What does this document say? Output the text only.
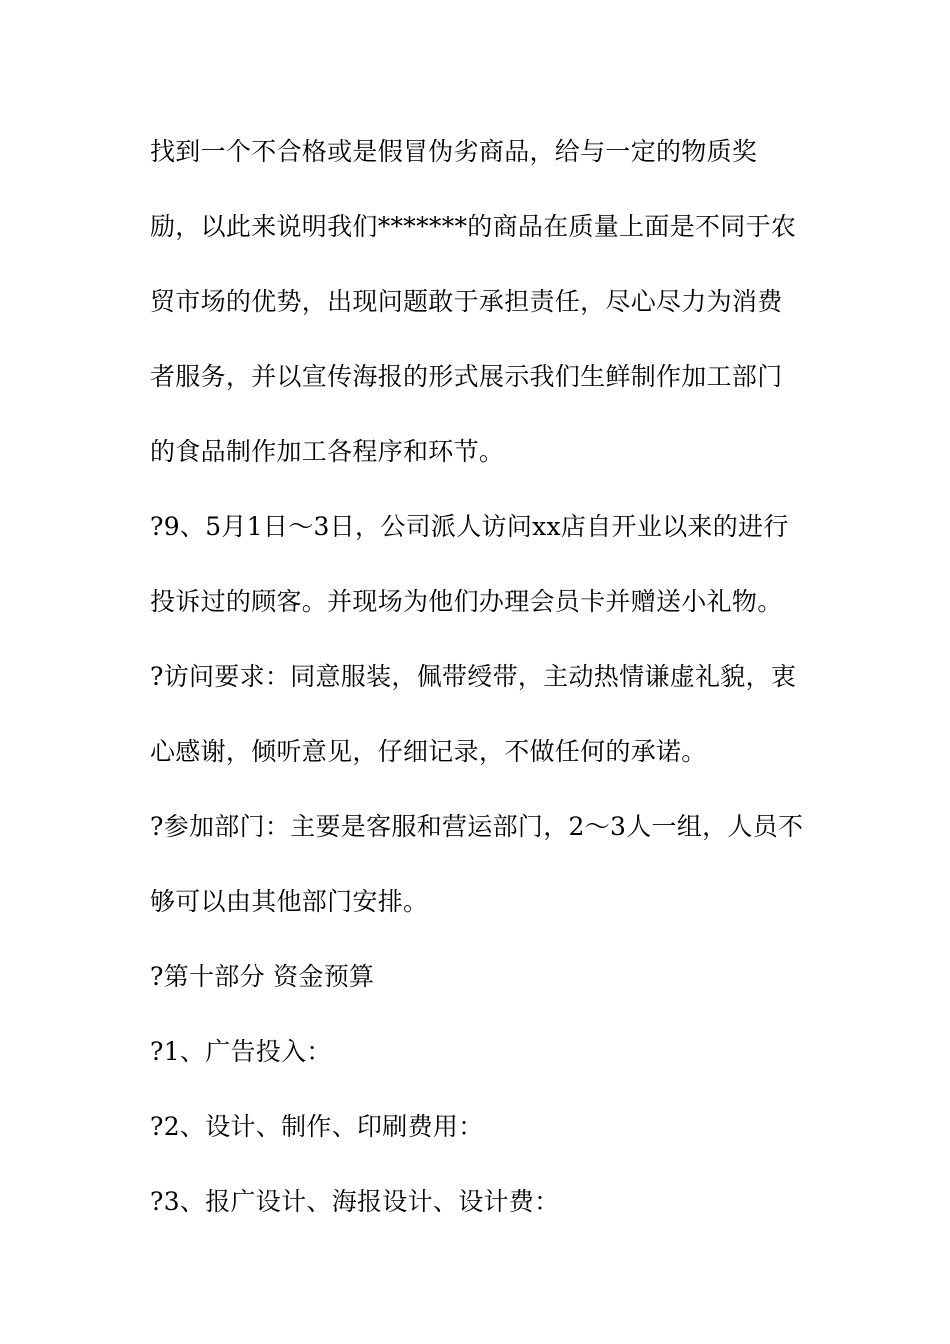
找到一个不合格或是假冒伪劣商品，给与一定的物质奖
励，以此来说明我们*******的商品在质量上面是不同于农
贸市场的优势，出现问题敢于承担责任，尽心尽力为消费
者服务，并以宣传海报的形式展示我们生鲜制作加工部门
的食品制作加工各程序和环节。
?9、5月1日～3日，公司派人访问xx店自开业以来的进行
投诉过的顾客。并现场为他们办理会员卡并赠送小礼物。
?访问要求：同意服装，佩带绶带，主动热情谦虚礼貌，衷
心感谢，倾听意见，仔细记录，不做任何的承诺。
?参加部门：主要是客服和营运部门，2～3人一组，人员不
够可以由其他部门安排。
?第十部分 资金预算
?1、广告投入：
?2、设计、制作、印刷费用：
?3、报广设计、海报设计、设计费：
